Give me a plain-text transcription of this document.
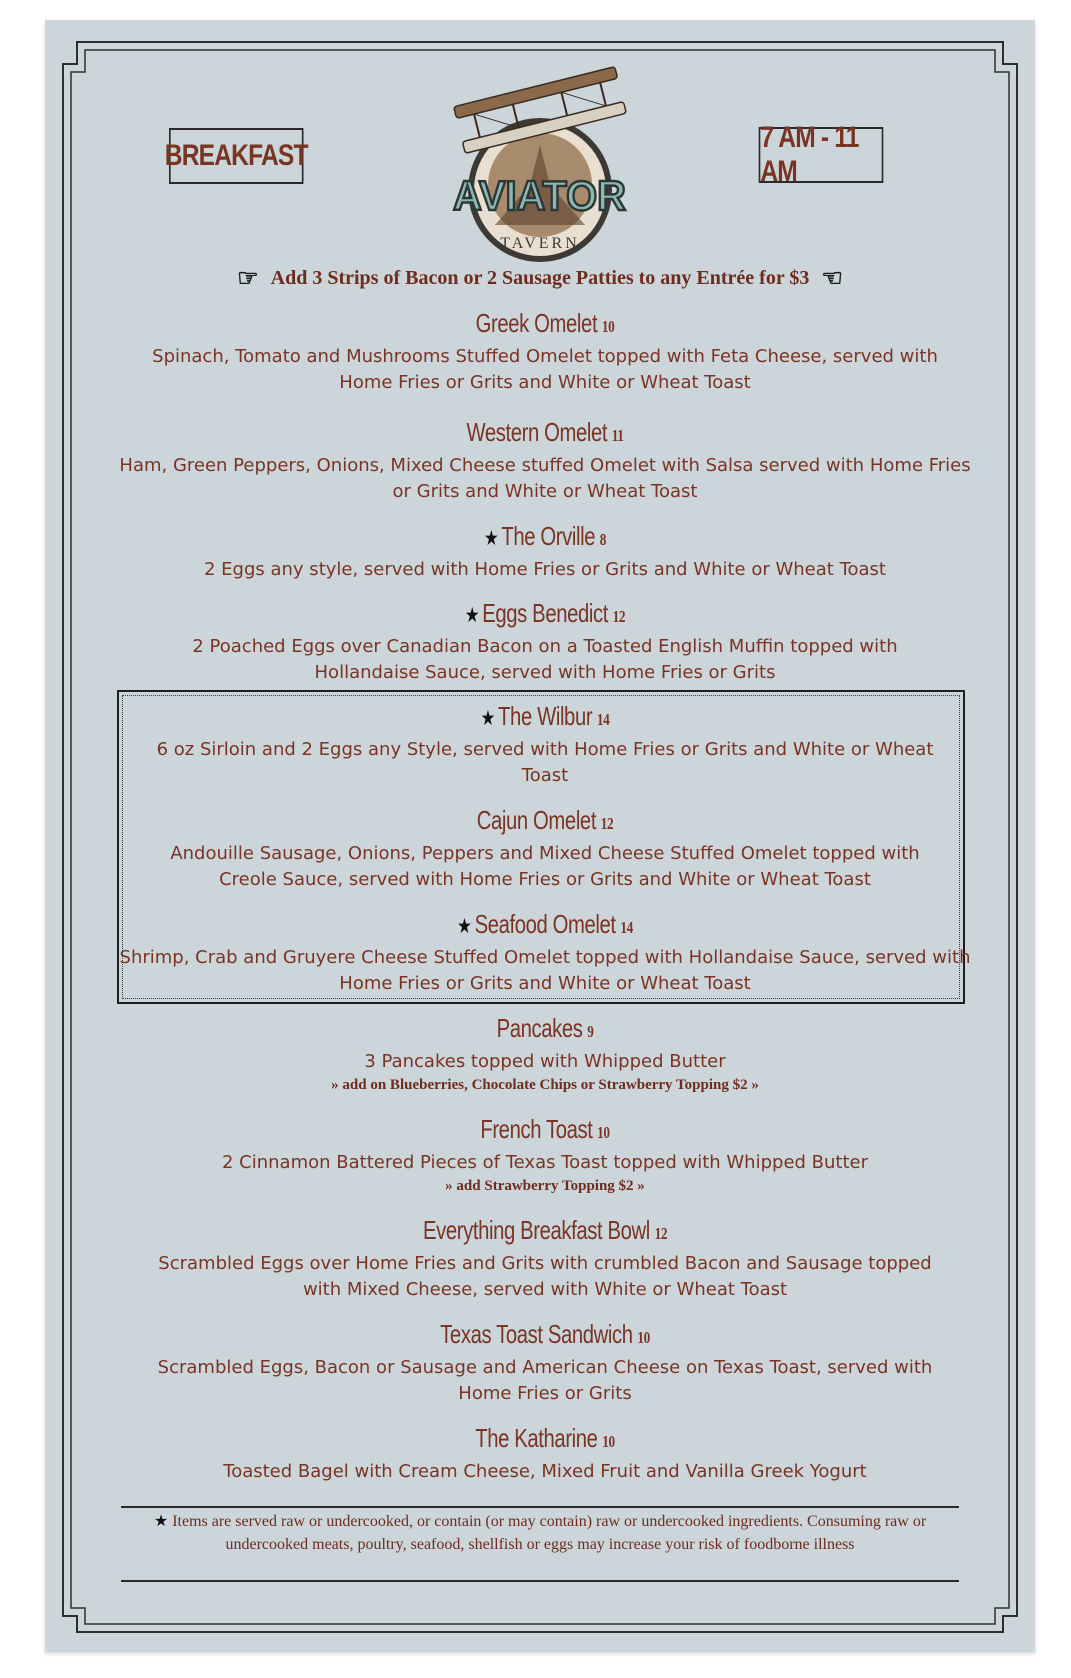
BREAKFAST
7 AM - 11 AM
AVIATOR
TAVERN
☞ Add 3 Strips of Bacon or 2 Sausage Patties to any Entrée for $3 ☜
Greek Omelet 10
Spinach, Tomato and Mushrooms Stuffed Omelet topped with Feta Cheese, served with Home Fries or Grits and White or Wheat Toast
Western Omelet 11
Ham, Green Peppers, Onions, Mixed Cheese stuffed Omelet with Salsa served with Home Fries or Grits and White or Wheat Toast
★ The Orville 8
2 Eggs any style, served with Home Fries or Grits and White or Wheat Toast
★ Eggs Benedict 12
2 Poached Eggs over Canadian Bacon on a Toasted English Muffin topped with Hollandaise Sauce, served with Home Fries or Grits
★ The Wilbur 14
6 oz Sirloin and 2 Eggs any Style, served with Home Fries or Grits and White or Wheat Toast
Cajun Omelet 12
Andouille Sausage, Onions, Peppers and Mixed Cheese Stuffed Omelet topped with Creole Sauce, served with Home Fries or Grits and White or Wheat Toast
★ Seafood Omelet 14
Shrimp, Crab and Gruyere Cheese Stuffed Omelet topped with Hollandaise Sauce, served with Home Fries or Grits and White or Wheat Toast
Pancakes 9
3 Pancakes topped with Whipped Butter
» add on Blueberries, Chocolate Chips or Strawberry Topping $2 »
French Toast 10
2 Cinnamon Battered Pieces of Texas Toast topped with Whipped Butter
» add Strawberry Topping $2 »
Everything Breakfast Bowl 12
Scrambled Eggs over Home Fries and Grits with crumbled Bacon and Sausage topped with Mixed Cheese, served with White or Wheat Toast
Texas Toast Sandwich 10
Scrambled Eggs, Bacon or Sausage and American Cheese on Texas Toast, served with Home Fries or Grits
The Katharine 10
Toasted Bagel with Cream Cheese, Mixed Fruit and Vanilla Greek Yogurt
★ Items are served raw or undercooked, or contain (or may contain) raw or undercooked ingredients. Consuming raw or undercooked meats, poultry, seafood, shellfish or eggs may increase your risk of foodborne illness
